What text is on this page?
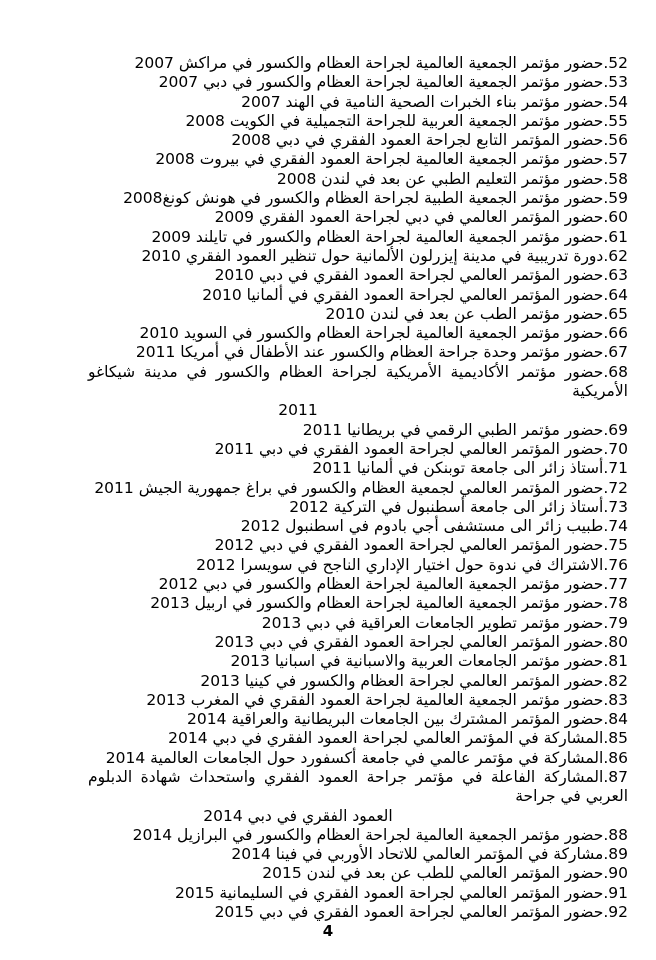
52.حضور مؤتمر الجمعية العالمية لجراحة العظام والكسور في مراكش 2007
53.حضور مؤتمر الجمعية العالمية لجراحة العظام والكسور في دبي 2007
54.حضور مؤتمر بناء الخبرات الصحية النامية في الهند 2007
55.حضور مؤتمر الجمعية العربية للجراحة التجميلية في الكويت 2008
56.حضور المؤتمر التابع لجراحة العمود الفقري في دبي 2008
57.حضور مؤتمر الجمعية العالمية لجراحة العمود الفقري في بيروت 2008
58.حضور مؤتمر التعليم الطبي عن بعد في لندن 2008
59.حضور مؤتمر الجمعية الطبية لجراحة العظام والكسور في هونش كونغ2008
60.حضور المؤتمر العالمي في دبي لجراحة العمود الفقري 2009
61.حضور مؤتمر الجمعية العالمية لجراحة العظام والكسور في تايلند 2009
62.دورة تدريبية في مدينة إيزرلون الألمانية حول تنظير العمود الفقري 2010
63.حضور المؤتمر العالمي لجراحة العمود الفقري في دبي 2010
64.حضور المؤتمر العالمي لجراحة العمود الفقري في ألمانيا 2010
65.حضور مؤتمر الطب عن بعد في لندن 2010
66.حضور مؤتمر الجمعية العالمية لجراحة العظام والكسور في السويد 2010
67.حضور مؤتمر وحدة جراحة العظام والكسور عند الأطفال في أمريكا 2011
68.حضور مؤتمر الأكاديمية الأمريكية لجراحة العظام والكسور في مدينة شيكاغو الأمريكية
2011
69.حضور مؤتمر الطبي الرقمي في بريطانيا 2011
70.حضور المؤتمر العالمي لجراحة العمود الفقري في دبي 2011
71.أستاذ زائر الى جامعة توبنكن في ألمانيا 2011
72.حضور المؤتمر العالمي لجمعية العظام والكسور في براغ جمهورية الجيش 2011
73.أستاذ زائر الى جامعة أسطنبول في التركية 2012
74.طبيب زائر الى مستشفى أجي بادوم في اسطنبول 2012
75.حضور المؤتمر العالمي لجراحة العمود الفقري في دبي 2012
76.الاشتراك في ندوة حول اختيار الإداري الناجح في سويسرا 2012
77.حضور مؤتمر الجمعية العالمية لجراحة العظام والكسور في دبي 2012
78.حضور مؤتمر الجمعية العالمية لجراحة العظام والكسور في اربيل 2013
79.حضور مؤتمر تطوير الجامعات العراقية في دبي 2013
80.حضور المؤتمر العالمي لجراحة العمود الفقري في دبي 2013
81.حضور مؤتمر الجامعات العربية والاسبانية في اسبانيا 2013
82.حضور المؤتمر العالمي لجراحة العظام والكسور في كينيا 2013
83.حضور مؤتمر الجمعية العالمية لجراحة العمود الفقري في المغرب 2013
84.حضور المؤتمر المشترك بين الجامعات البريطانية والعراقية 2014
85.المشاركة في المؤتمر العالمي لجراحة العمود الفقري في دبي 2014
86.المشاركة في مؤتمر عالمي في جامعة أكسفورد حول الجامعات العالمية 2014
87.المشاركة الفاعلة في مؤتمر جراحة العمود الفقري واستحداث شهادة الدبلوم العربي في جراحة
العمود الفقري في دبي 2014
88.حضور مؤتمر الجمعية العالمية لجراحة العظام والكسور في البرازيل 2014
89.مشاركة في المؤتمر العالمي للاتحاد الأوربي في فينا 2014
90.حضور المؤتمر العالمي للطب عن بعد في لندن 2015
91.حضور المؤتمر العالمي لجراحة العمود الفقري في السليمانية 2015
92.حضور المؤتمر العالمي لجراحة العمود الفقري في دبي 2015
4
